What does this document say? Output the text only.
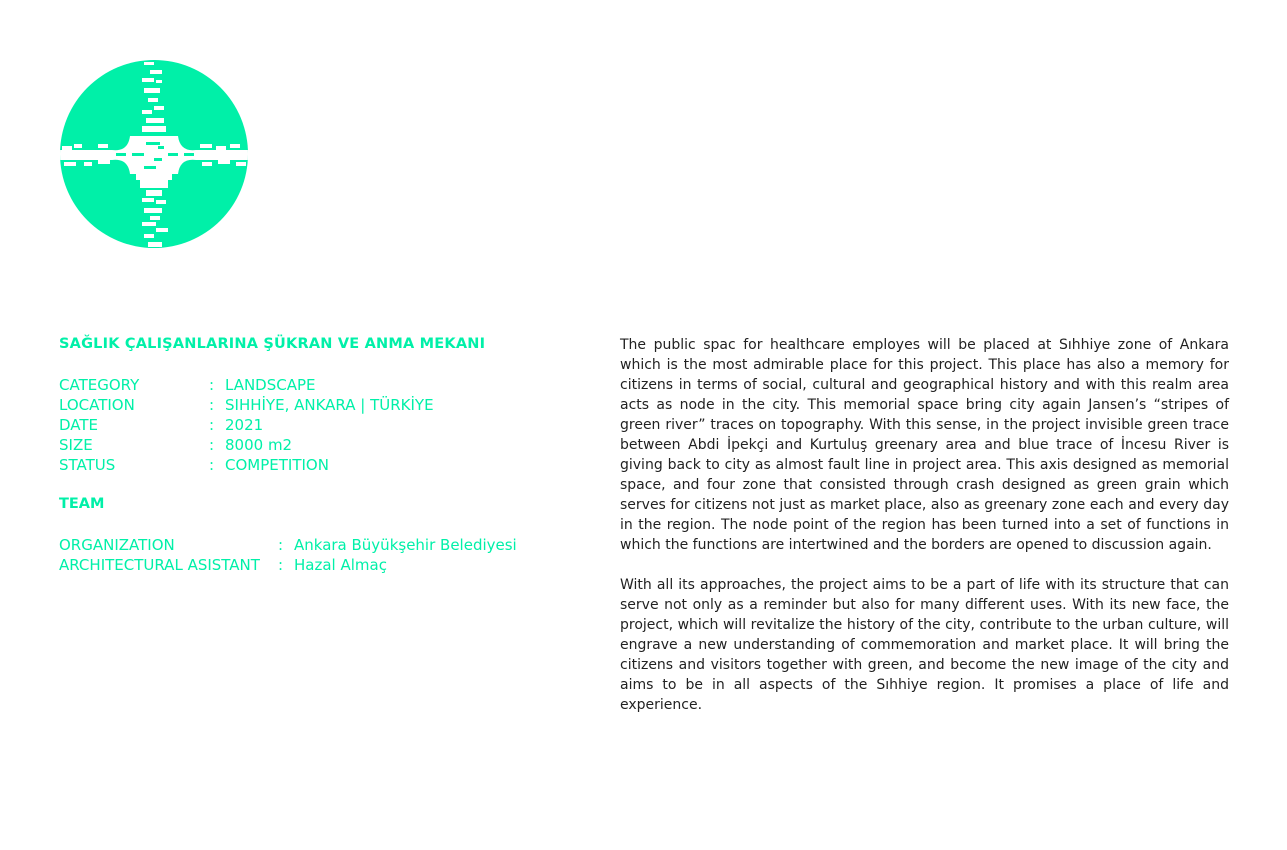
SAĞLIK ÇALIŞANLARINA ŞÜKRAN VE ANMA MEKANI
CATEGORY	: LANDSCAPE
LOCATION	: SIHHİYE, ANKARA | TÜRKİYE
DATE	: 2021
SIZE	: 8000 m2
STATUS	: COMPETITION
TEAM
ORGANIZATION	: Ankara Büyükşehir Belediyesi
ARCHITECTURAL ASISTANT	: Hazal Almaç

The public spac for healthcare employes will be placed at Sıhhiye zone of Ankara which is the most admirable place for this project. This place has also a memory for citizens in terms of social, cultural and geographical history and with this realm area acts as node in the city. This memorial space bring city again Jansen’s “stripes of green river” traces on topography. With this sense, in the project invisible green trace between Abdi İpekçi and Kurtuluş greenary area and blue trace of İncesu River is giving back to city as almost fault line in project area. This axis designed as memorial space, and four zone that consisted through crash designed as green grain which serves for citizens not just as market place, also as greenary zone each and every day in the region. The node point of the region has been turned into a set of functions in which the functions are intertwined and the borders are opened to discussion again.

With all its approaches, the project aims to be a part of life with its structure that can serve not only as a reminder but also for many different uses. With its new face, the project, which will revitalize the history of the city, contribute to the urban culture, will engrave a new understanding of commemoration and market place. It will bring the citizens and visitors together with green, and become the new image of the city and aims to be in all aspects of the Sıhhiye region. It promises a place of life and experience.
